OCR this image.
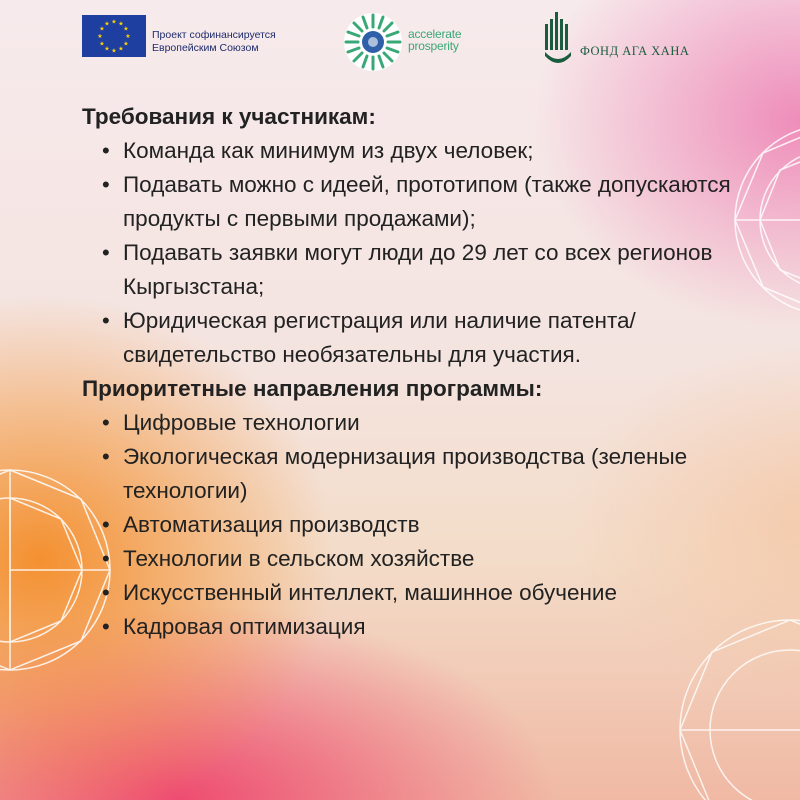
★ ★
★
★
★
★
★
★
★
★
★
★
Проект софинансируется
Европейским Союзом
accelerate
prosperity	ФОНД АГА ХАНА
Требования к участникам:
• Команда как минимум из двух человек;
• Подавать можно с идеей, прототипом (также допускаются продукты с первыми продажами);
• Подавать заявки могут люди до 29 лет со всех регионов Кыргызстана;
• Юридическая регистрация или наличие патента/свидетельство необязательны для участия.
Приоритетные направления программы:
• Цифровые технологии
• Экологическая модернизация производства (зеленые технологии)
• Автоматизация производств
• Технологии в сельском хозяйстве
• Искусственный интеллект, машинное обучение
• Кадровая оптимизация
